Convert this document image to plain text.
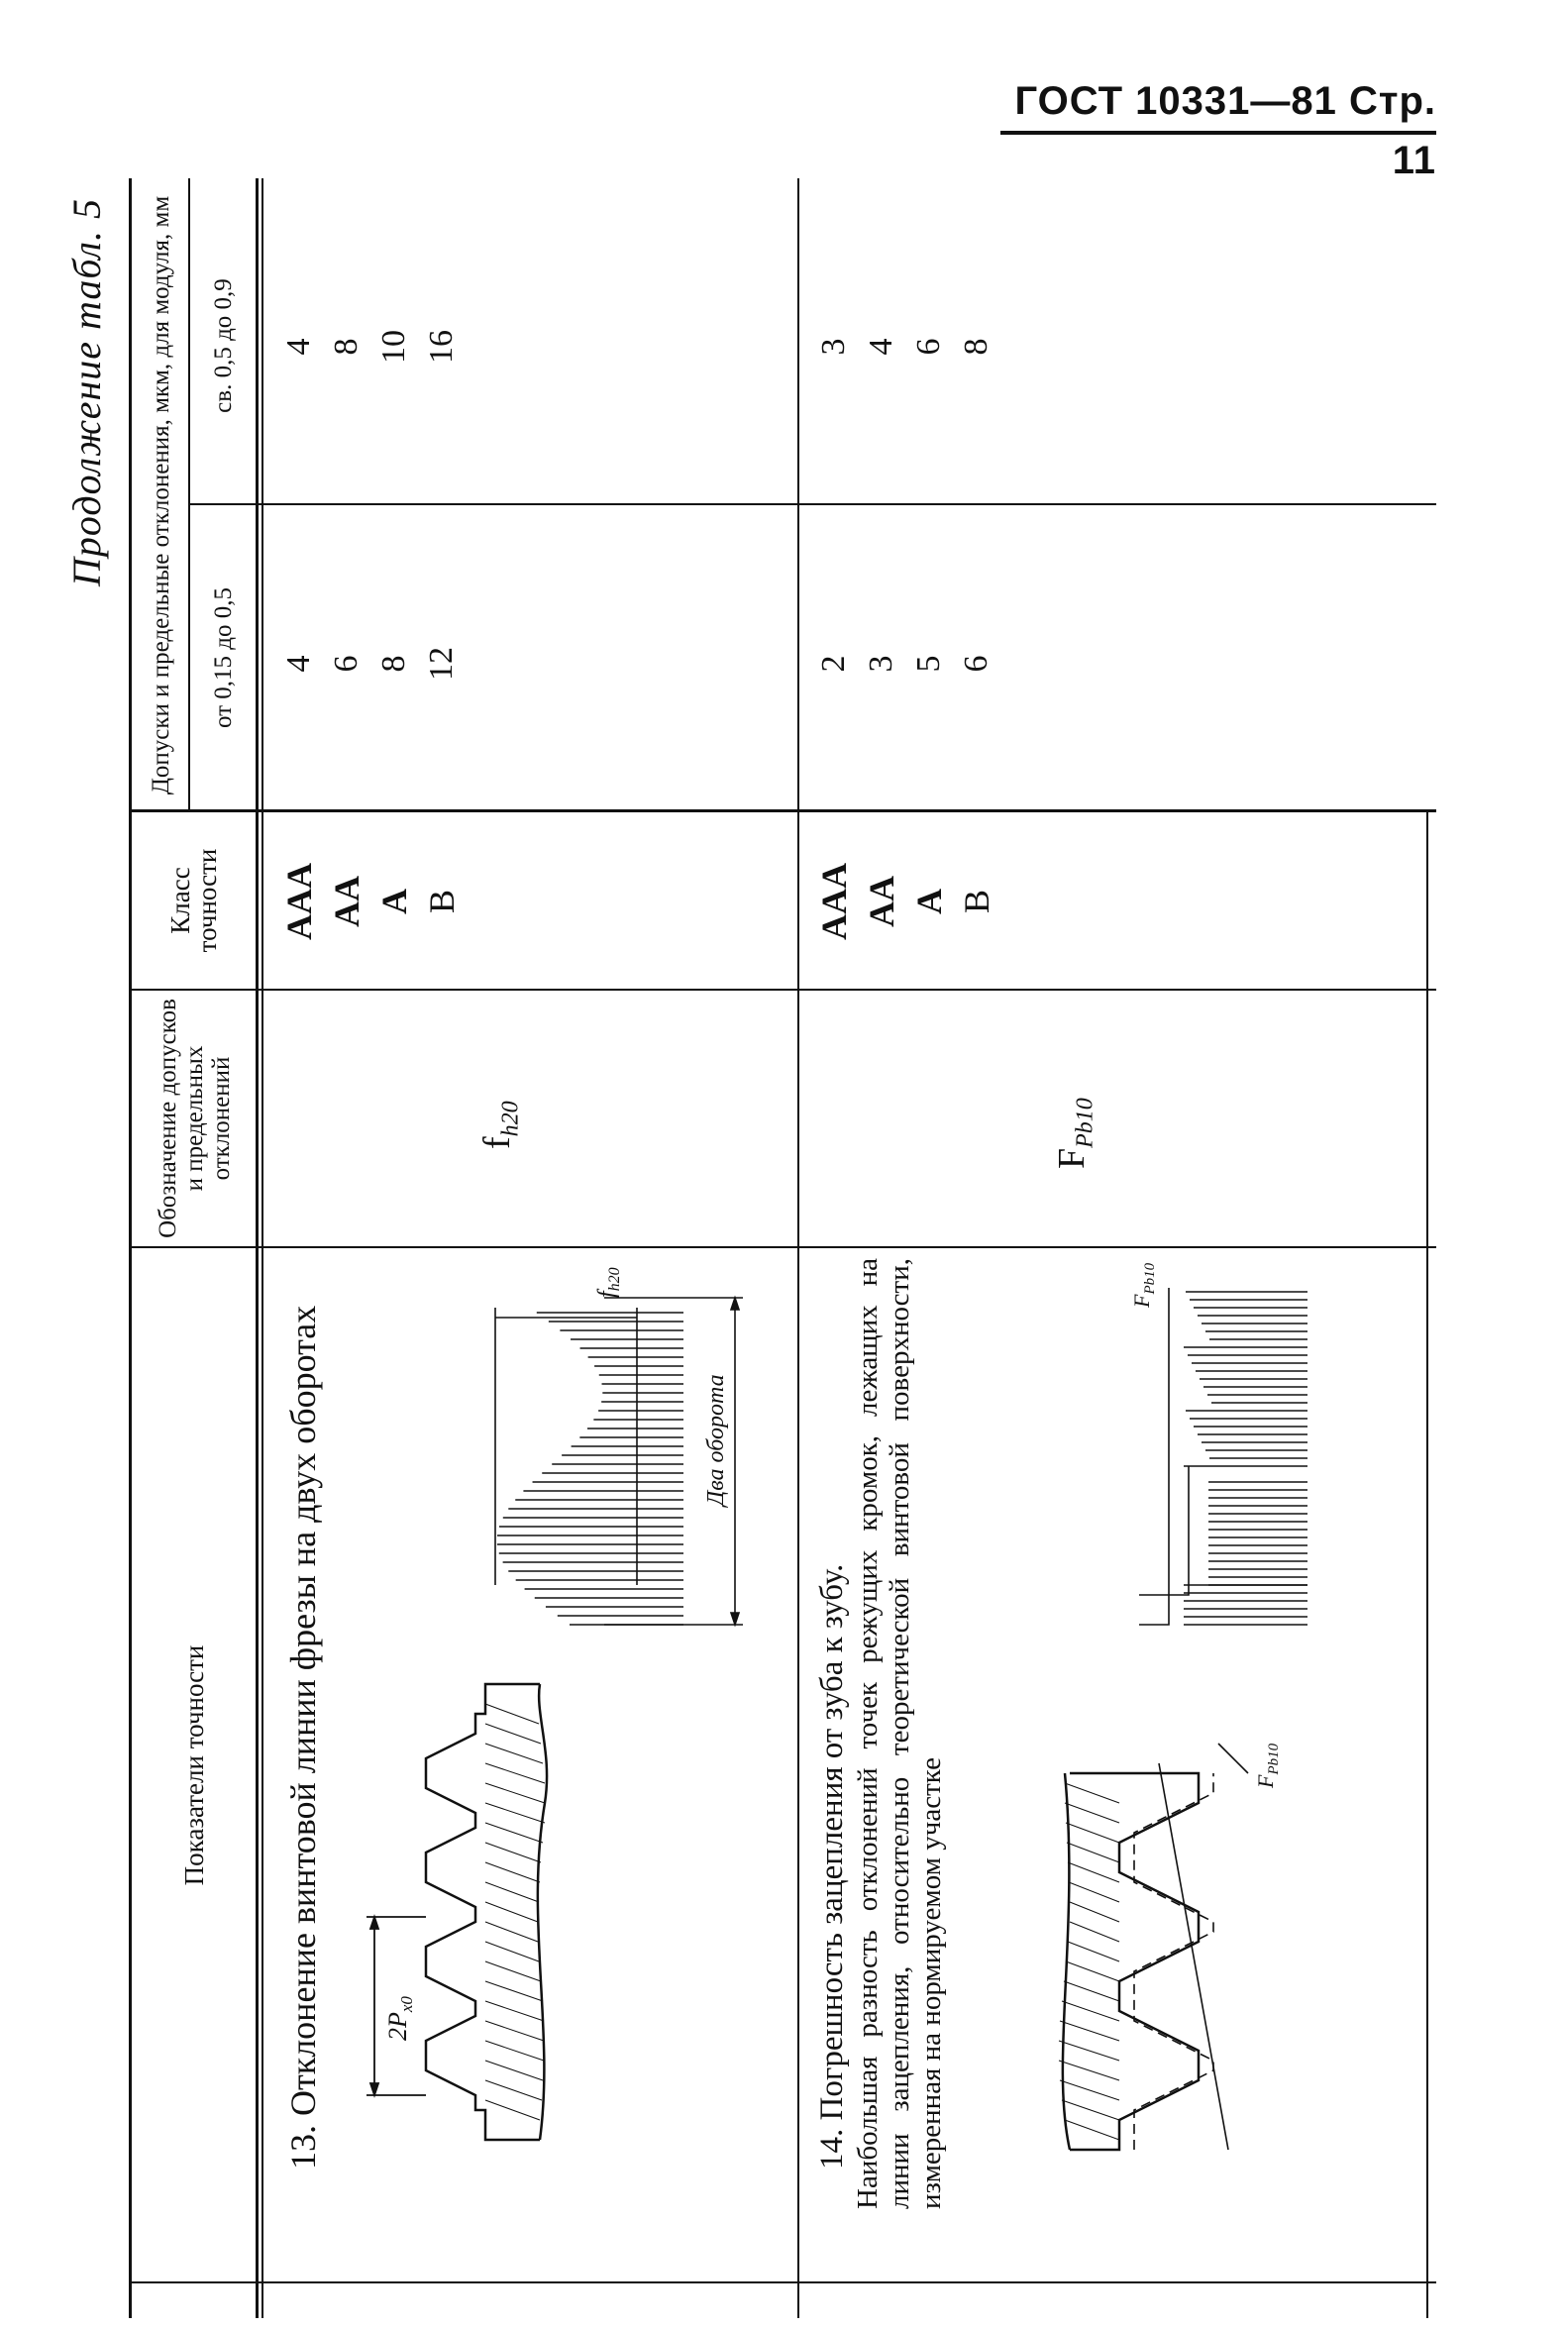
ГОСТ 10331—81 Стр. 11
Продолжение табл. 5
Показатели точности
Обозначение допусков и предельных отклонений
Класс точности
Допуски и предельные отклонения, мкм, для модуля, мм	от 0,15 до 0,5
св. 0,5 до 0,9
13. Отклонение винтовой линии фрезы на двух оборотах $2P_{x0}$
Два оборота
$f_{h20}$
$f_{h20}$
AAA AA A B
4 6 8 12
4 8 10 16
14. Погрешность зацепления от зуба к зубу. Наибольшая разность отклонений точек режущих кромок, лежащих на линии зацепления, относительно теоретической винтовой поверхности, измеренная на нормируемом участке	$F_{Pb10}$
$F_{Pb10}$
$F_{Pb10}$
AAA AA A B
2 3 5 6
3 4 6 8
